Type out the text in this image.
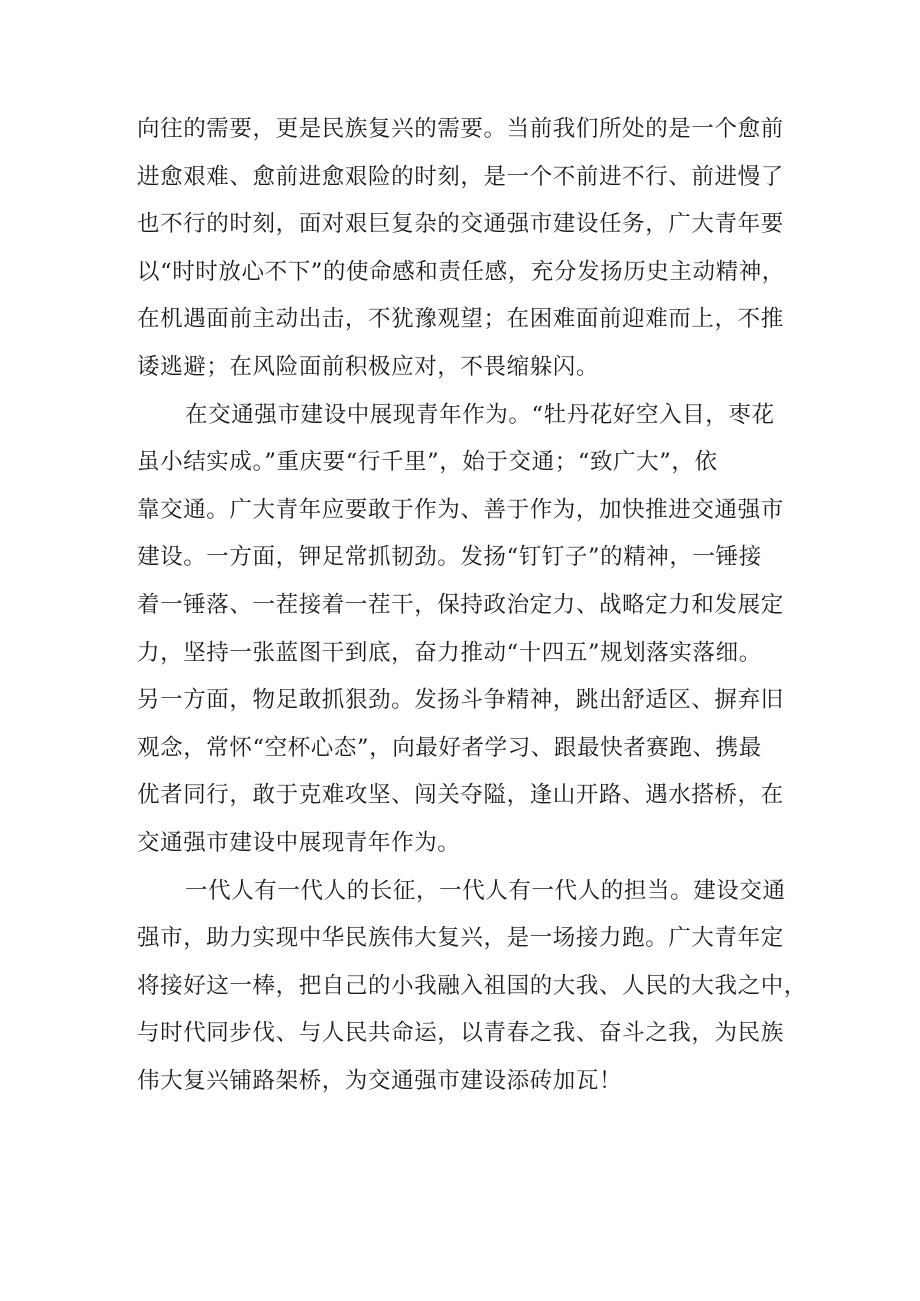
向往的需要，更是民族复兴的需要。当前我们所处的是一个愈前
进愈艰难、愈前进愈艰险的时刻，是一个不前进不行、前进慢了
也不行的时刻，面对艰巨复杂的交通强市建设任务，广大青年要
以“时时放心不下”的使命感和责任感，充分发扬历史主动精神，
在机遇面前主动出击，不犹豫观望；在困难面前迎难而上，不推
诿逃避；在风险面前积极应对，不畏缩躲闪。

在交通强市建设中展现青年作为。“牡丹花好空入目，枣花
虽小结实成。”重庆要“行千里”，始于交通；“致广大”，依
靠交通。广大青年应要敢于作为、善于作为，加快推进交通强市
建设。一方面，钾足常抓韧劲。发扬“钉钉子”的精神，一锤接
着一锤落、一茬接着一茬干，保持政治定力、战略定力和发展定
力，坚持一张蓝图干到底，奋力推动“十四五”规划落实落细。
另一方面，物足敢抓狠劲。发扬斗争精神，跳出舒适区、摒弃旧
观念，常怀“空杯心态”，向最好者学习、跟最快者赛跑、携最
优者同行，敢于克难攻坚、闯关夺隘，逢山开路、遇水搭桥，在
交通强市建设中展现青年作为。

一代人有一代人的长征，一代人有一代人的担当。建设交通
强市，助力实现中华民族伟大复兴，是一场接力跑。广大青年定
将接好这一棒，把自己的小我融入祖国的大我、人民的大我之中，
与时代同步伐、与人民共命运，以青春之我、奋斗之我，为民族
伟大复兴铺路架桥，为交通强市建设添砖加瓦！
